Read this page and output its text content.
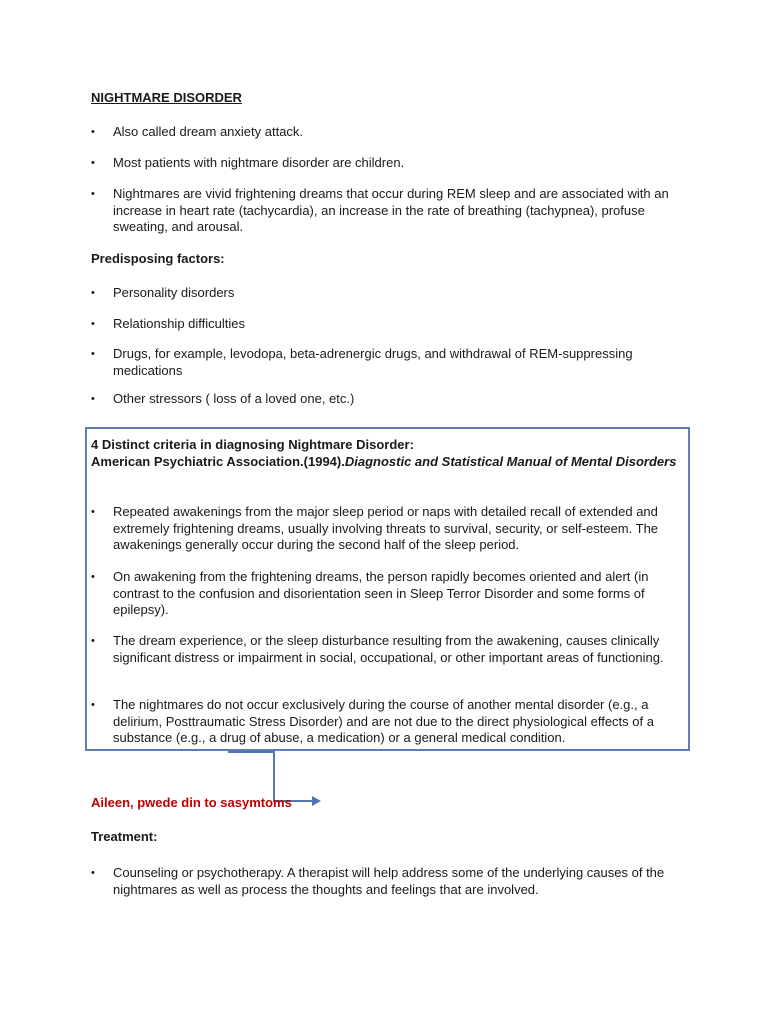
NIGHTMARE DISORDER
• Also called dream anxiety attack.
• Most patients with nightmare disorder are children.
• Nightmares are vivid frightening dreams that occur during REM sleep and are associated with an increase in heart rate (tachycardia), an increase in the rate of breathing (tachypnea), profuse sweating, and arousal.
Predisposing factors:
• Personality disorders
• Relationship difficulties
• Drugs, for example, levodopa, beta-adrenergic drugs, and withdrawal of REM-suppressing medications
• Other stressors ( loss of a loved one, etc.)
4 Distinct criteria in diagnosing Nightmare Disorder:
American Psychiatric Association.(1994).Diagnostic and Statistical Manual of Mental Disorders
• Repeated awakenings from the major sleep period or naps with detailed recall of extended and extremely frightening dreams, usually involving threats to survival, security, or self-esteem. The awakenings generally occur during the second half of the sleep period.
• On awakening from the frightening dreams, the person rapidly becomes oriented and alert (in contrast to the confusion and disorientation seen in Sleep Terror Disorder and some forms of epilepsy).
• The dream experience, or the sleep disturbance resulting from the awakening, causes clinically significant distress or impairment in social, occupational, or other important areas of functioning.
• The nightmares do not occur exclusively during the course of another mental disorder (e.g., a delirium, Posttraumatic Stress Disorder) and are not due to the direct physiological effects of a substance (e.g., a drug of abuse, a medication) or a general medical condition.
Aileen, pwede din to sasymtoms
Treatment:
• Counseling or psychotherapy. A therapist will help address some of the underlying causes of the nightmares as well as process the thoughts and feelings that are involved.
